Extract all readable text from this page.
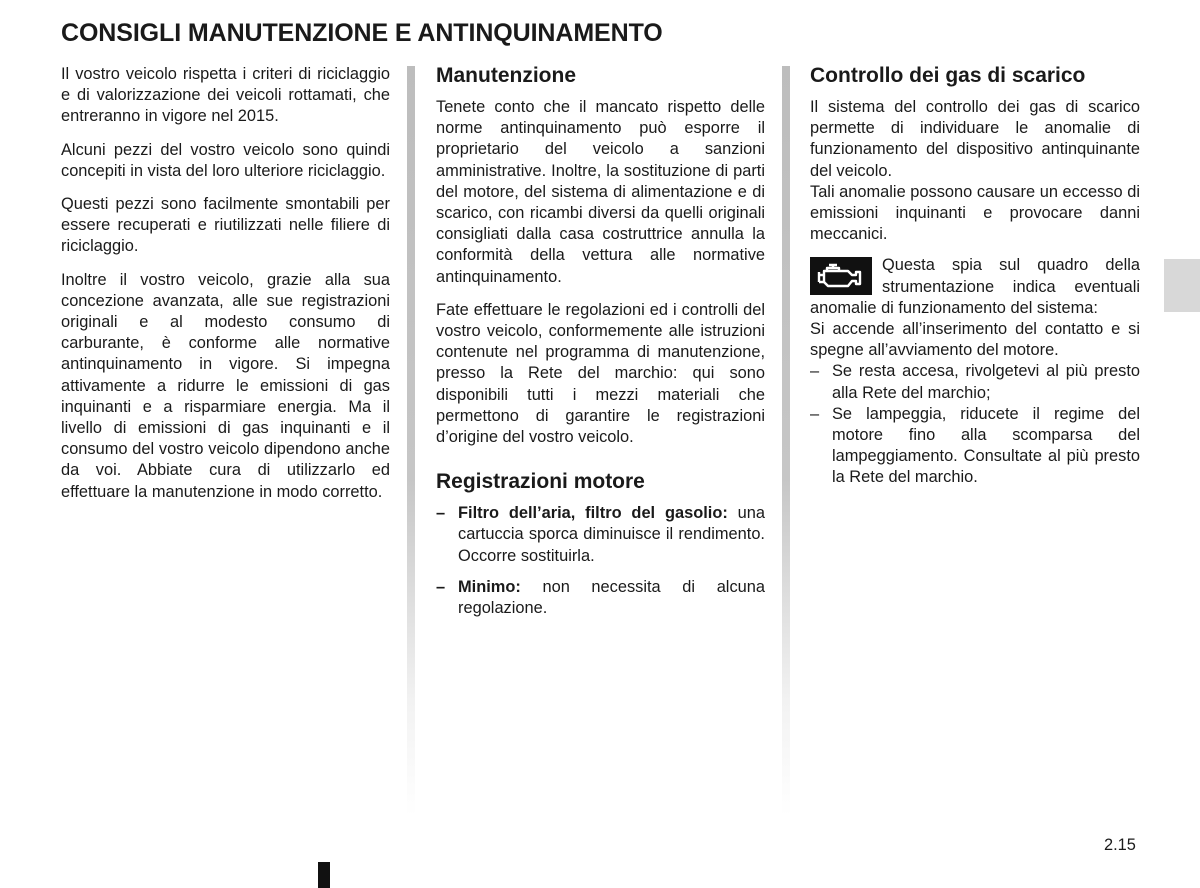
CONSIGLI MANUTENZIONE E ANTINQUINAMENTO

Il vostro veicolo rispetta i criteri di riciclaggio e di valorizzazione dei veicoli rottamati, che entreranno in vigore nel 2015.

Alcuni pezzi del vostro veicolo sono quindi concepiti in vista del loro ulteriore riciclaggio.

Questi pezzi sono facilmente smontabili per essere recuperati e riutilizzati nelle filiere di riciclaggio.

Inoltre il vostro veicolo, grazie alla sua concezione avanzata, alle sue registrazioni originali e al modesto consumo di carburante, è conforme alle normative antinquinamento in vigore. Si impegna attivamente a ridurre le emissioni di gas inquinanti e a risparmiare energia. Ma il livello di emissioni di gas inquinanti e il consumo del vostro veicolo dipendono anche da voi. Abbiate cura di utilizzarlo ed effettuare la manutenzione in modo corretto.

Manutenzione

Tenete conto che il mancato rispetto delle norme antinquinamento può esporre il proprietario del veicolo a sanzioni amministrative. Inoltre, la sostituzione di parti del motore, del sistema di alimentazione e di scarico, con ricambi diversi da quelli originali consigliati dalla casa costruttrice annulla la conformità della vettura alle normative antinquinamento.

Fate effettuare le regolazioni ed i controlli del vostro veicolo, conformemente alle istruzioni contenute nel programma di manutenzione, presso la Rete del marchio: qui sono disponibili tutti i mezzi materiali che permettono di garantire le registrazioni d’origine del vostro veicolo.

Registrazioni motore
– Filtro dell’aria, filtro del gasolio: una cartuccia sporca diminuisce il rendimento. Occorre sostituirla.
– Minimo: non necessita di alcuna regolazione.
Controllo dei gas di scarico

Il sistema del controllo dei gas di scarico permette di individuare le anomalie di funzionamento del dispositivo antinquinante del veicolo.

Tali anomalie possono causare un eccesso di emissioni inquinanti e provocare danni meccanici.

Questa spia sul quadro della strumentazione indica eventuali anomalie di funzionamento del sistema:

Si accende all’inserimento del contatto e si spegne all’avviamento del motore.

– Se resta accesa, rivolgetevi al più presto alla Rete del marchio;
– Se lampeggia, riducete il regime del motore fino alla scomparsa del lampeggiamento. Consultate al più presto la Rete del marchio.
2.15
